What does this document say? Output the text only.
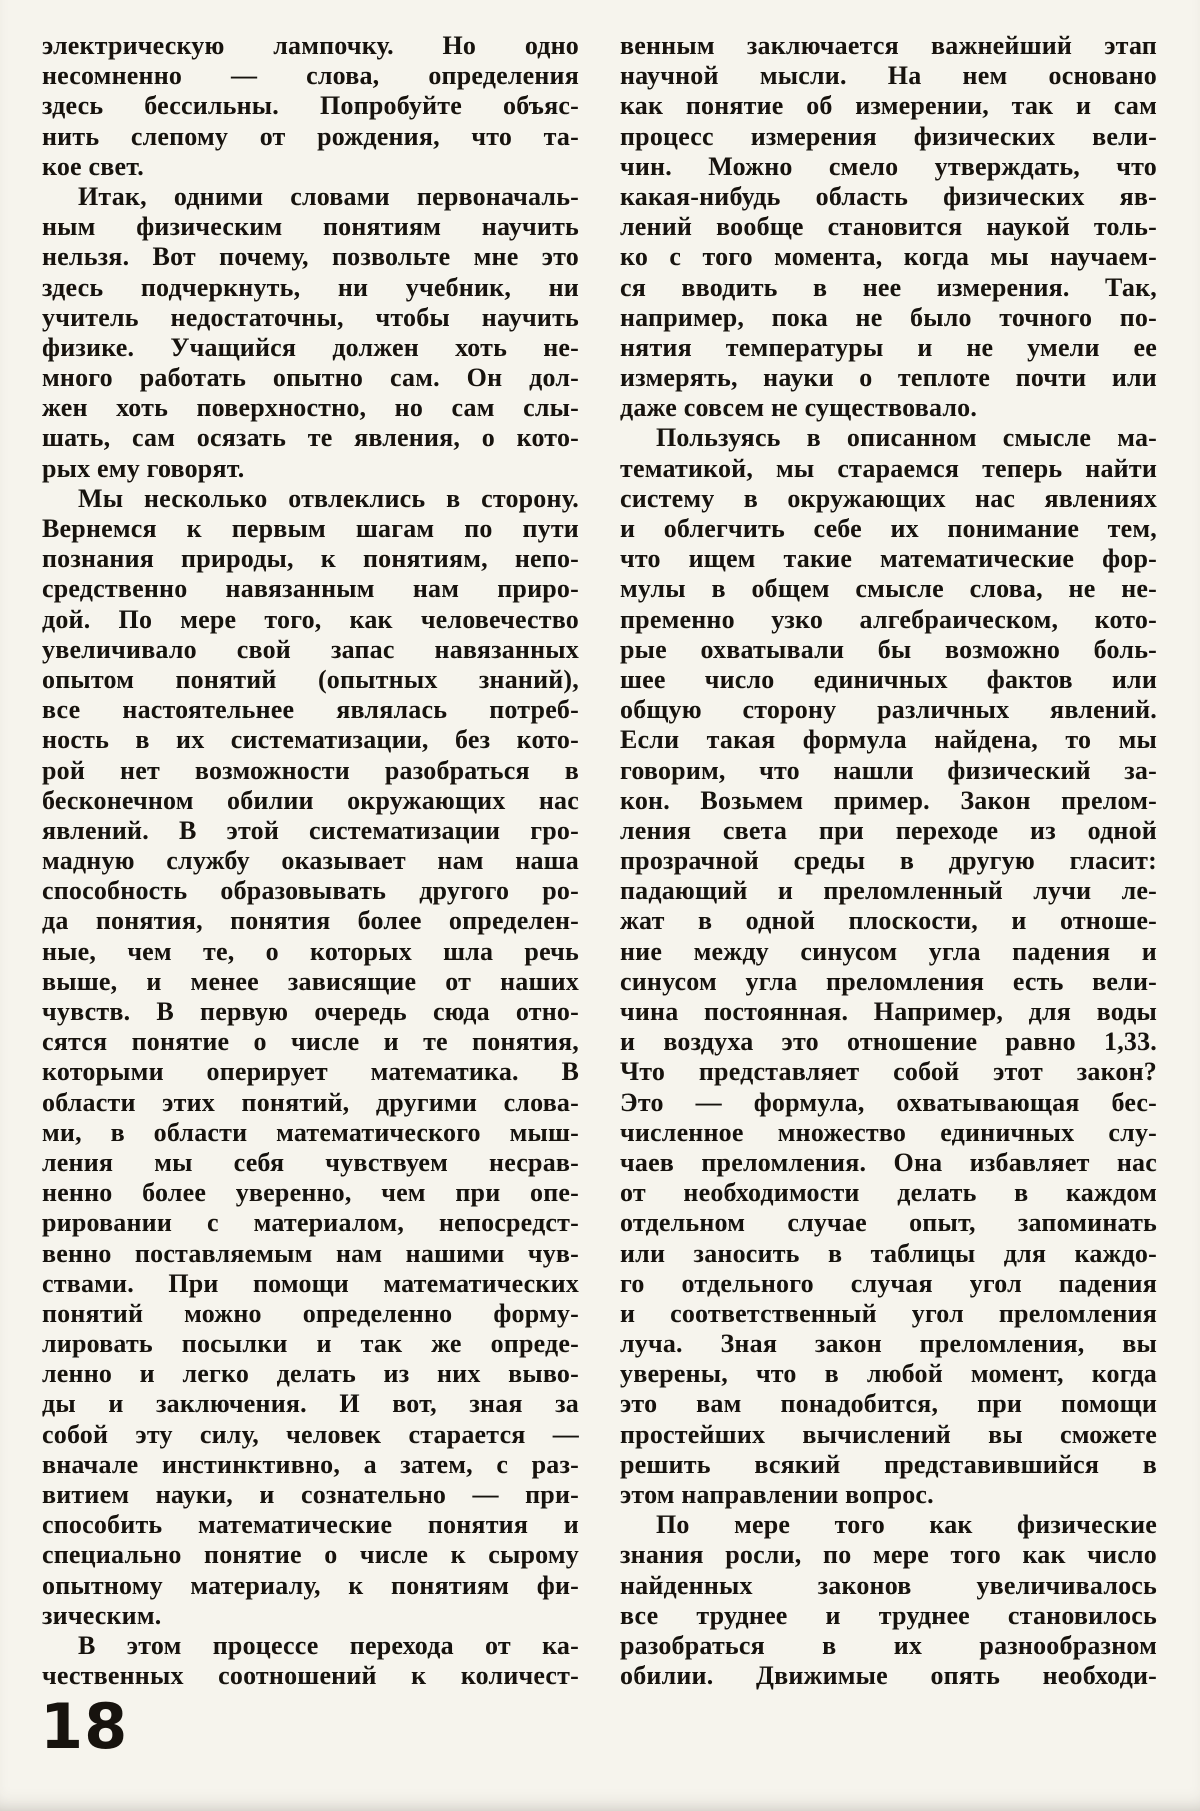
электрическую лампочку. Но одно
несомненно — слова, определения
здесь бессильны. Попробуйте объяс-
нить слепому от рождения, что та-
кое свет.
Итак, одними словами первоначаль-
ным физическим понятиям научить
нельзя. Вот почему, позвольте мне это
здесь подчеркнуть, ни учебник, ни
учитель недостаточны, чтобы научить
физике. Учащийся должен хоть не-
много работать опытно сам. Он дол-
жен хоть поверхностно, но сам слы-
шать, сам осязать те явления, о кото-
рых ему говорят.
Мы несколько отвлеклись в сторону.
Вернемся к первым шагам по пути
познания природы, к понятиям, непо-
средственно навязанным нам приро-
дой. По мере того, как человечество
увеличивало свой запас навязанных
опытом понятий (опытных знаний),
все настоятельнее являлась потреб-
ность в их систематизации, без кото-
рой нет возможности разобраться в
бесконечном обилии окружающих нас
явлений. В этой систематизации гро-
мадную службу оказывает нам наша
способность образовывать другого ро-
да понятия, понятия более определен-
ные, чем те, о которых шла речь
выше, и менее зависящие от наших
чувств. В первую очередь сюда отно-
сятся понятие о числе и те понятия,
которыми оперирует математика. В
области этих понятий, другими слова-
ми, в области математического мыш-
ления мы себя чувствуем несрав-
ненно более уверенно, чем при опе-
рировании с материалом, непосредст-
венно поставляемым нам нашими чув-
ствами. При помощи математических
понятий можно определенно форму-
лировать посылки и так же опреде-
ленно и легко делать из них выво-
ды и заключения. И вот, зная за
собой эту силу, человек старается —
вначале инстинктивно, а затем, с раз-
витием науки, и сознательно — при-
способить математические понятия и
специально понятие о числе к сырому
опытному материалу, к понятиям фи-
зическим.
В этом процессе перехода от ка-
чественных соотношений к количест-
венным заключается важнейший этап
научной мысли. На нем основано
как понятие об измерении, так и сам
процесс измерения физических вели-
чин. Можно смело утверждать, что
какая-нибудь область физических яв-
лений вообще становится наукой толь-
ко с того момента, когда мы научаем-
ся вводить в нее измерения. Так,
например, пока не было точного по-
нятия температуры и не умели ее
измерять, науки о теплоте почти или
даже совсем не существовало.
Пользуясь в описанном смысле ма-
тематикой, мы стараемся теперь найти
систему в окружающих нас явлениях
и облегчить себе их понимание тем,
что ищем такие математические фор-
мулы в общем смысле слова, не не-
пременно узко алгебраическом, кото-
рые охватывали бы возможно боль-
шее число единичных фактов или
общую сторону различных явлений.
Если такая формула найдена, то мы
говорим, что нашли физический за-
кон. Возьмем пример. Закон прелом-
ления света при переходе из одной
прозрачной среды в другую гласит:
падающий и преломленный лучи ле-
жат в одной плоскости, и отноше-
ние между синусом угла падения и
синусом угла преломления есть вели-
чина постоянная. Например, для воды
и воздуха это отношение равно 1,33.
Что представляет собой этот закон?
Это — формула, охватывающая бес-
численное множество единичных слу-
чаев преломления. Она избавляет нас
от необходимости делать в каждом
отдельном случае опыт, запоминать
или заносить в таблицы для каждо-
го отдельного случая угол падения
и соответственный угол преломления
луча. Зная закон преломления, вы
уверены, что в любой момент, когда
это вам понадобится, при помощи
простейших вычислений вы сможете
решить всякий представившийся в
этом направлении вопрос.
По мере того как физические
знания росли, по мере того как число
найденных законов увеличивалось
все труднее и труднее становилось
разобраться в их разнообразном
обилии. Движимые опять необходи-
18
